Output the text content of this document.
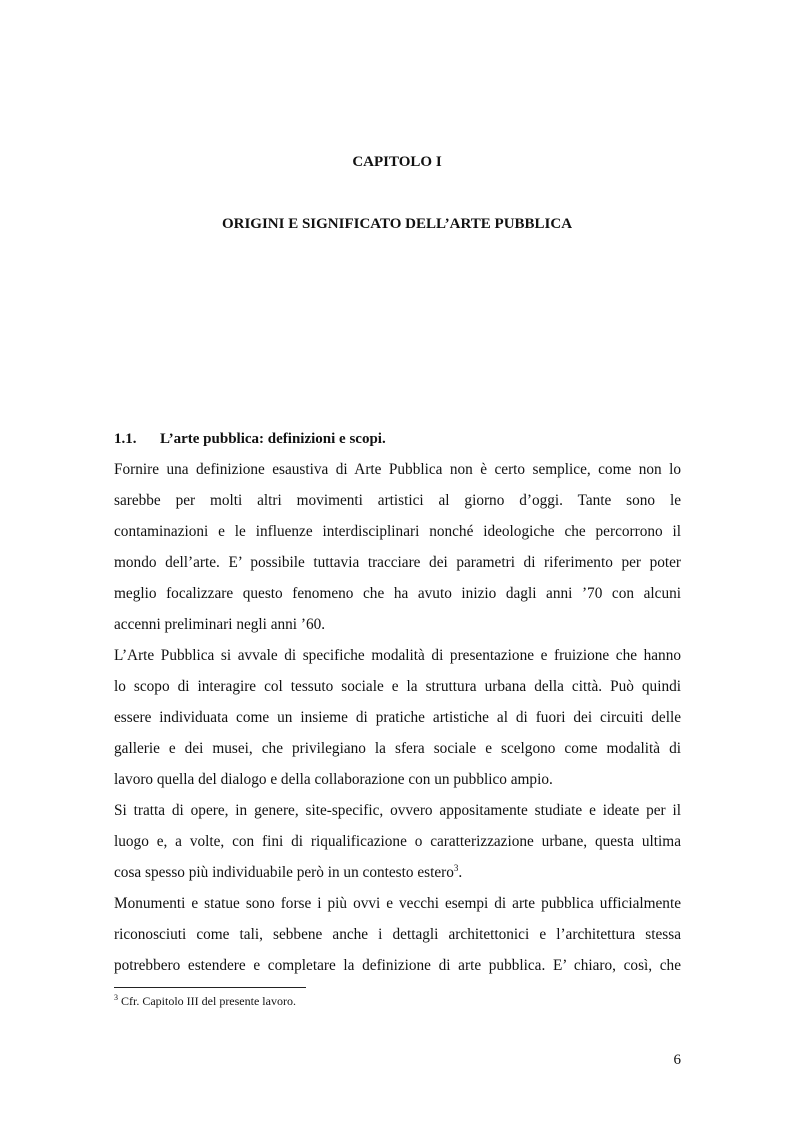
CAPITOLO I
ORIGINI E SIGNIFICATO DELL’ARTE PUBBLICA
1.1. L’arte pubblica: definizioni e scopi.
Fornire una definizione esaustiva di Arte Pubblica non è certo semplice, come non lo
sarebbe per molti altri movimenti artistici al giorno d’oggi. Tante sono le
contaminazioni e le influenze interdisciplinari nonché ideologiche che percorrono il
mondo dell’arte. E’ possibile tuttavia tracciare dei parametri di riferimento per poter
meglio focalizzare questo fenomeno che ha avuto inizio dagli anni ’70 con alcuni
accenni preliminari negli anni ’60.
L’Arte Pubblica si avvale di specifiche modalità di presentazione e fruizione che hanno
lo scopo di interagire col tessuto sociale e la struttura urbana della città. Può quindi
essere individuata come un insieme di pratiche artistiche al di fuori dei circuiti delle
gallerie e dei musei, che privilegiano la sfera sociale e scelgono come modalità di
lavoro quella del dialogo e della collaborazione con un pubblico ampio.
Si tratta di opere, in genere, site-specific, ovvero appositamente studiate e ideate per il
luogo e, a volte, con fini di riqualificazione o caratterizzazione urbane, questa ultima
cosa spesso più individuabile però in un contesto estero$^3$.
Monumenti e statue sono forse i più ovvi e vecchi esempi di arte pubblica ufficialmente
riconosciuti come tali, sebbene anche i dettagli architettonici e l’architettura stessa
potrebbero estendere e completare la definizione di arte pubblica. E’ chiaro, così, che
$^3$ Cfr. Capitolo III del presente lavoro.
6
